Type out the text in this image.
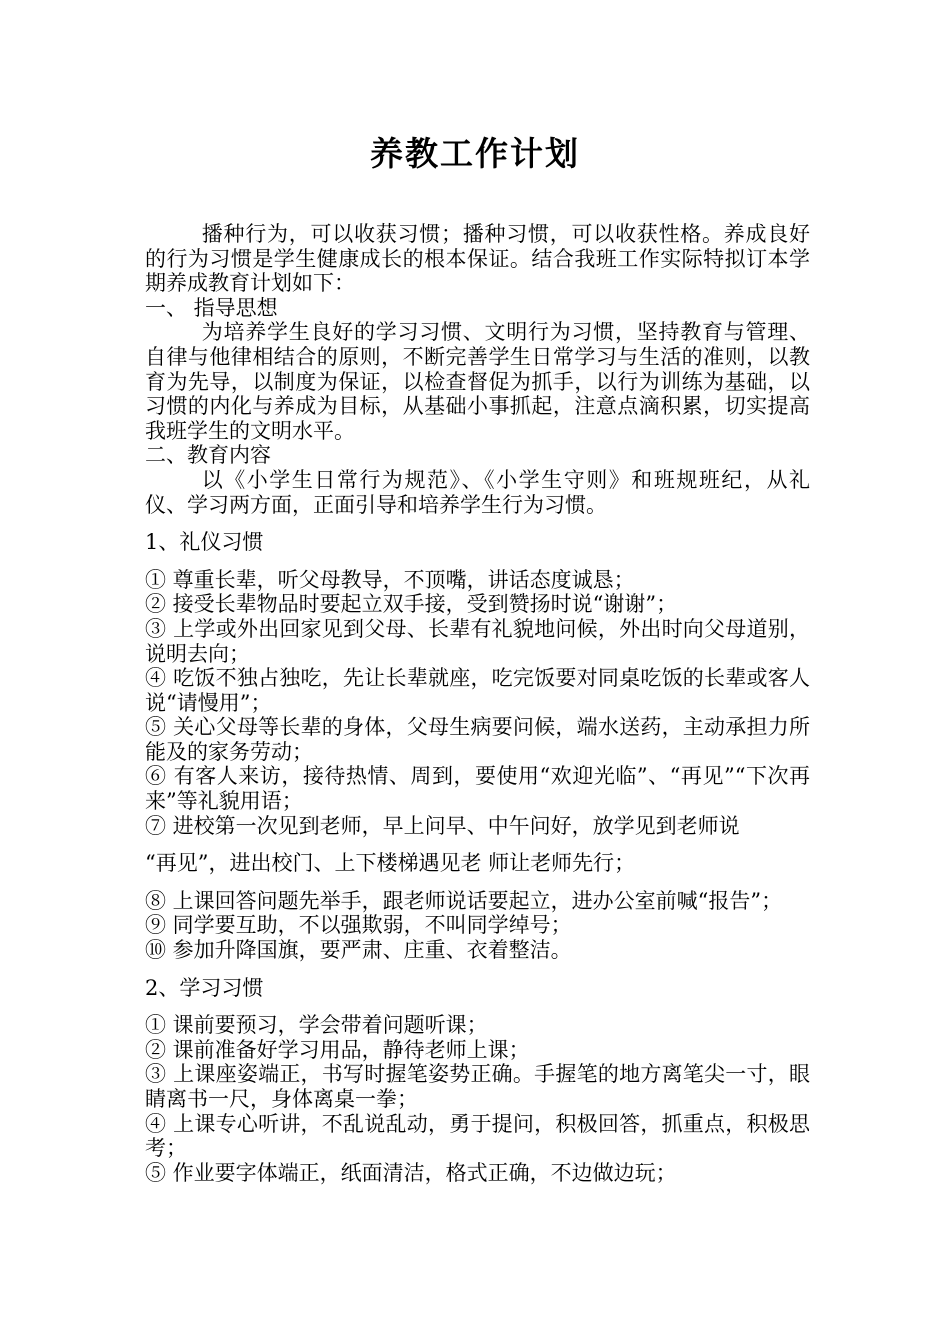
养教工作计划

播种行为，可以收获习惯；播种习惯，可以收获性格。养成良好的行为习惯是学生健康成长的根本保证。结合我班工作实际特拟订本学期养成教育计划如下：

一、 指导思想

为培养学生良好的学习习惯、文明行为习惯，坚持教育与管理、自律与他律相结合的原则，不断完善学生日常学习与生活的准则，以教育为先导，以制度为保证，以检查督促为抓手，以行为训练为基础，以习惯的内化与养成为目标，从基础小事抓起，注意点滴积累，切实提高我班学生的文明水平。

二、教育内容

以《小学生日常行为规范》、《小学生守则》和班规班纪，从礼仪、学习两方面，正面引导和培养学生行为习惯。

1、礼仪习惯

① 尊重长辈，听父母教导，不顶嘴，讲话态度诚恳；

② 接受长辈物品时要起立双手接，受到赞扬时说“谢谢”；

③ 上学或外出回家见到父母、长辈有礼貌地问候，外出时向父母道别，说明去向；

④ 吃饭不独占独吃，先让长辈就座，吃完饭要对同桌吃饭的长辈或客人说“请慢用”；

⑤ 关心父母等长辈的身体，父母生病要问候，端水送药，主动承担力所能及的家务劳动；

⑥ 有客人来访，接待热情、周到，要使用“欢迎光临”、“再见”“下次再来”等礼貌用语；

⑦ 进校第一次见到老师，早上问早、中午问好，放学见到老师说

“再见”，进出校门、上下楼梯遇见老 师让老师先行；

⑧ 上课回答问题先举手，跟老师说话要起立，进办公室前喊“报告”；

⑨ 同学要互助，不以强欺弱，不叫同学绰号；

⑩ 参加升降国旗，要严肃、庄重、衣着整洁。

2、学习习惯

① 课前要预习，学会带着问题听课；

② 课前准备好学习用品，静待老师上课；

③ 上课座姿端正，书写时握笔姿势正确。手握笔的地方离笔尖一寸，眼睛离书一尺，身体离桌一拳；

④ 上课专心听讲，不乱说乱动，勇于提问，积极回答，抓重点，积极思考；

⑤ 作业要字体端正，纸面清洁，格式正确，不边做边玩；
